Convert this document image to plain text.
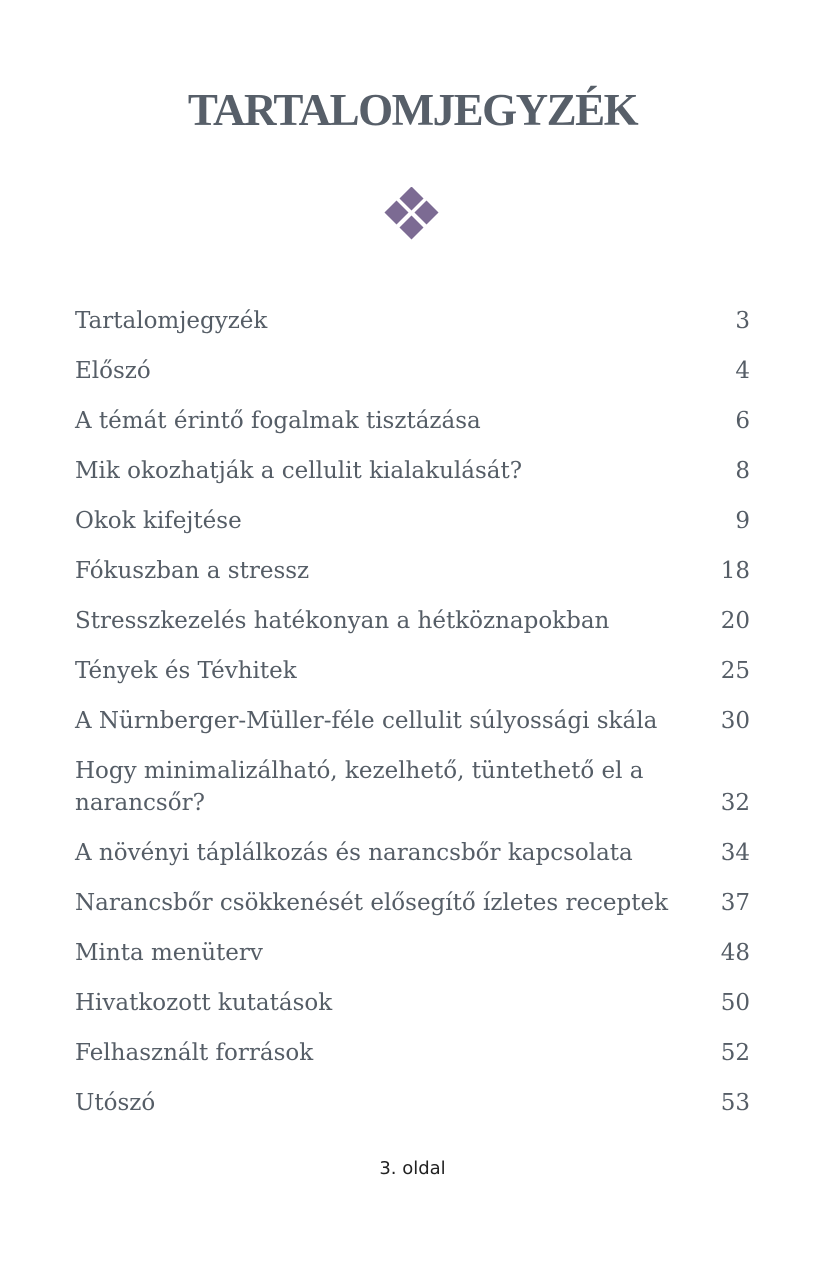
TARTALOMJEGYZÉK
Tartalomjegyzék	3
Előszó	4
A témát érintő fogalmak tisztázása	6
Mik okozhatják a cellulit kialakulását?	8
Okok kifejtése	9
Fókuszban a stressz	18
Stresszkezelés hatékonyan a hétköznapokban	20
Tények és Tévhitek	25
A Nürnberger-Müller-féle cellulit súlyossági skála	30
Hogy minimalizálható, kezelhető, tüntethető el a narancsőr?	32
A növényi táplálkozás és narancsbőr kapcsolata	34
Narancsbőr csökkenését elősegítő ízletes receptek	37
Minta menüterv	48
Hivatkozott kutatások	50
Felhasznált források	52
Utószó	53
3. oldal
